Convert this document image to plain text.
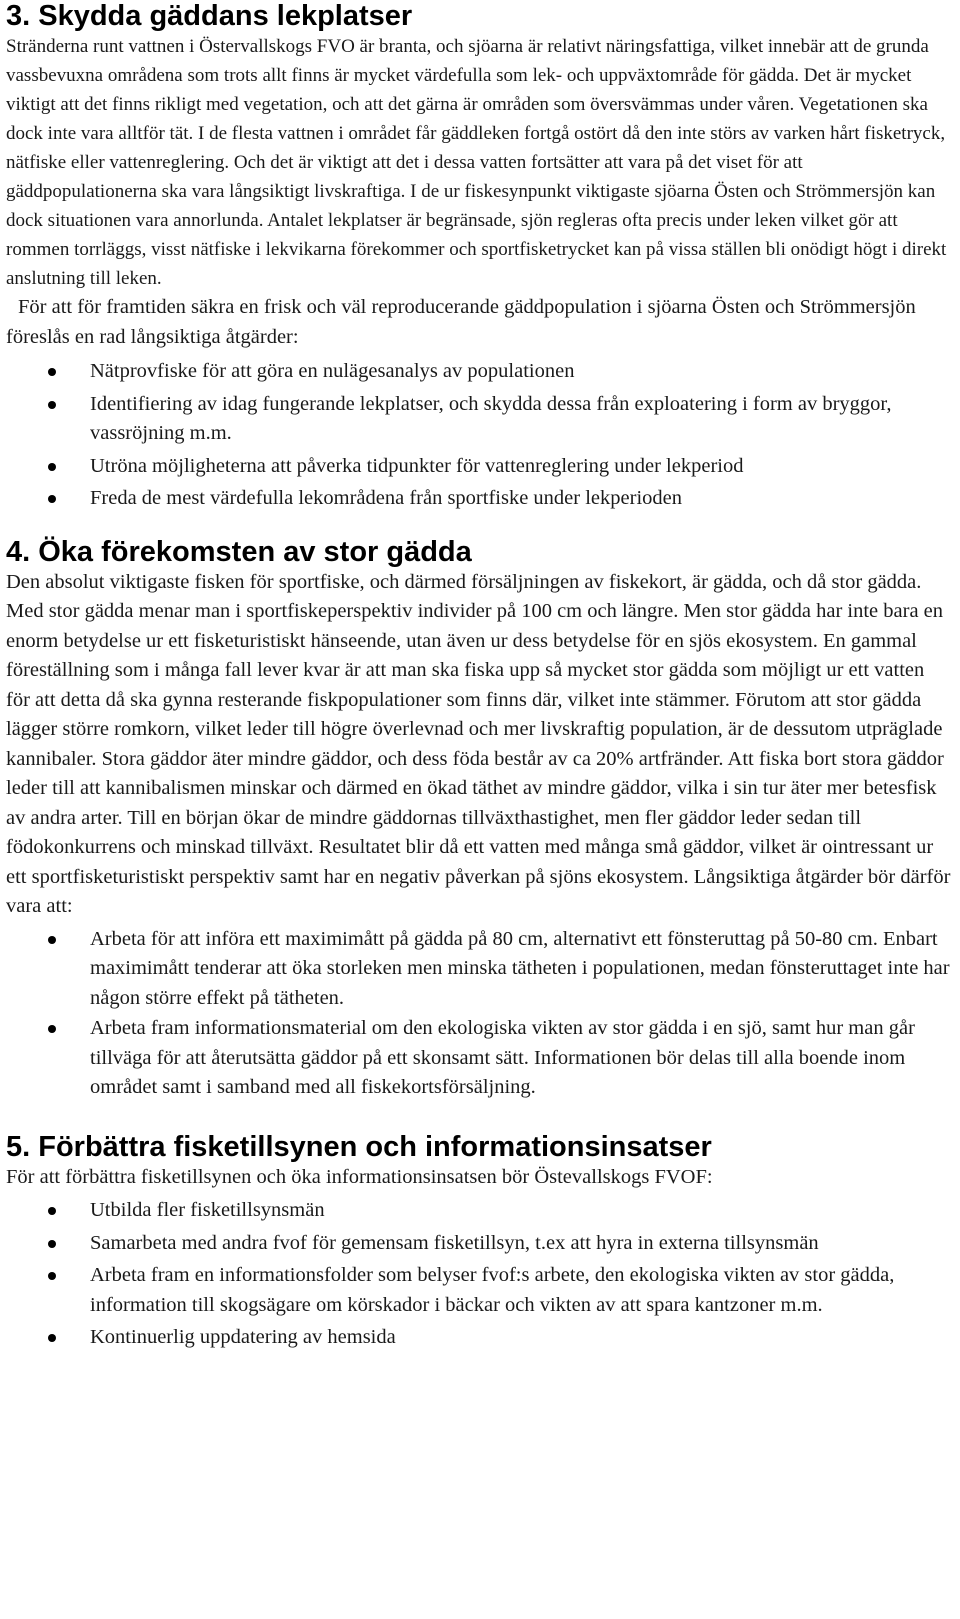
3. Skydda gäddans lekplatser

Stränderna runt vattnen i Östervallskogs FVO är branta, och sjöarna är relativt näringsfattiga, vilket innebär att de grunda vassbevuxna områdena som trots allt finns är mycket värdefulla som lek- och uppväxtområde för gädda. Det är mycket viktigt att det finns rikligt med vegetation, och att det gärna är områden som översvämmas under våren. Vegetationen ska dock inte vara alltför tät. I de flesta vattnen i området får gäddleken fortgå ostört då den inte störs av varken hårt fisketryck, nätfiske eller vattenreglering. Och det är viktigt att det i dessa vatten fortsätter att vara på det viset för att gäddpopulationerna ska vara långsiktigt livskraftiga. I de ur fiskesynpunkt viktigaste sjöarna Östen och Strömmersjön kan dock situationen vara annorlunda. Antalet lekplatser är begränsade, sjön regleras ofta precis under leken vilket gör att rommen torrläggs, visst nätfiske i lekvikarna förekommer och sportfisketrycket kan på vissa ställen bli onödigt högt i direkt anslutning till leken.

För att för framtiden säkra en frisk och väl reproducerande gäddpopulation i sjöarna Östen och Strömmersjön föreslås en rad långsiktiga åtgärder:

Nätprovfiske för att göra en nulägesanalys av populationen
Identifiering av idag fungerande lekplatser, och skydda dessa från exploatering i form av bryggor, vassröjning m.m.
Utröna möjligheterna att påverka tidpunkter för vattenreglering under lekperiod
Freda de mest värdefulla lekområdena från sportfiske under lekperioden
4. Öka förekomsten av stor gädda

Den absolut viktigaste fisken för sportfiske, och därmed försäljningen av fiskekort, är gädda, och då stor gädda. Med stor gädda menar man i sportfiskeperspektiv individer på 100 cm och längre. Men stor gädda har inte bara en enorm betydelse ur ett fisketuristiskt hänseende, utan även ur dess betydelse för en sjös ekosystem. En gammal föreställning som i många fall lever kvar är att man ska fiska upp så mycket stor gädda som möjligt ur ett vatten för att detta då ska gynna resterande fiskpopulationer som finns där, vilket inte stämmer. Förutom att stor gädda lägger större romkorn, vilket leder till högre överlevnad och mer livskraftig population, är de dessutom utpräglade kannibaler. Stora gäddor äter mindre gäddor, och dess föda består av ca 20% artfränder. Att fiska bort stora gäddor leder till att kannibalismen minskar och därmed en ökad täthet av mindre gäddor, vilka i sin tur äter mer betesfisk av andra arter. Till en början ökar de mindre gäddornas tillväxthastighet, men fler gäddor leder sedan till födokonkurrens och minskad tillväxt. Resultatet blir då ett vatten med många små gäddor, vilket är ointressant ur ett sportfisketuristiskt perspektiv samt har en negativ påverkan på sjöns ekosystem. Långsiktiga åtgärder bör därför vara att:

Arbeta för att införa ett maximimått på gädda på 80 cm, alternativt ett fönsteruttag på 50-80 cm. Enbart maximimått tenderar att öka storleken men minska tätheten i populationen, medan fönsteruttaget inte har någon större effekt på tätheten.
Arbeta fram informationsmaterial om den ekologiska vikten av stor gädda i en sjö, samt hur man går tillväga för att återutsätta gäddor på ett skonsamt sätt. Informationen bör delas till alla boende inom området samt i samband med all fiskekortsförsäljning.
5. Förbättra fisketillsynen och informationsinsatser

För att förbättra fisketillsynen och öka informationsinsatsen bör Östevallskogs FVOF:

Utbilda fler fisketillsynsmän
Samarbeta med andra fvof för gemensam fisketillsyn, t.ex att hyra in externa tillsynsmän
Arbeta fram en informationsfolder som belyser fvof:s arbete, den ekologiska vikten av stor gädda, information till skogsägare om körskador i bäckar och vikten av att spara kantzoner m.m.
Kontinuerlig uppdatering av hemsida
